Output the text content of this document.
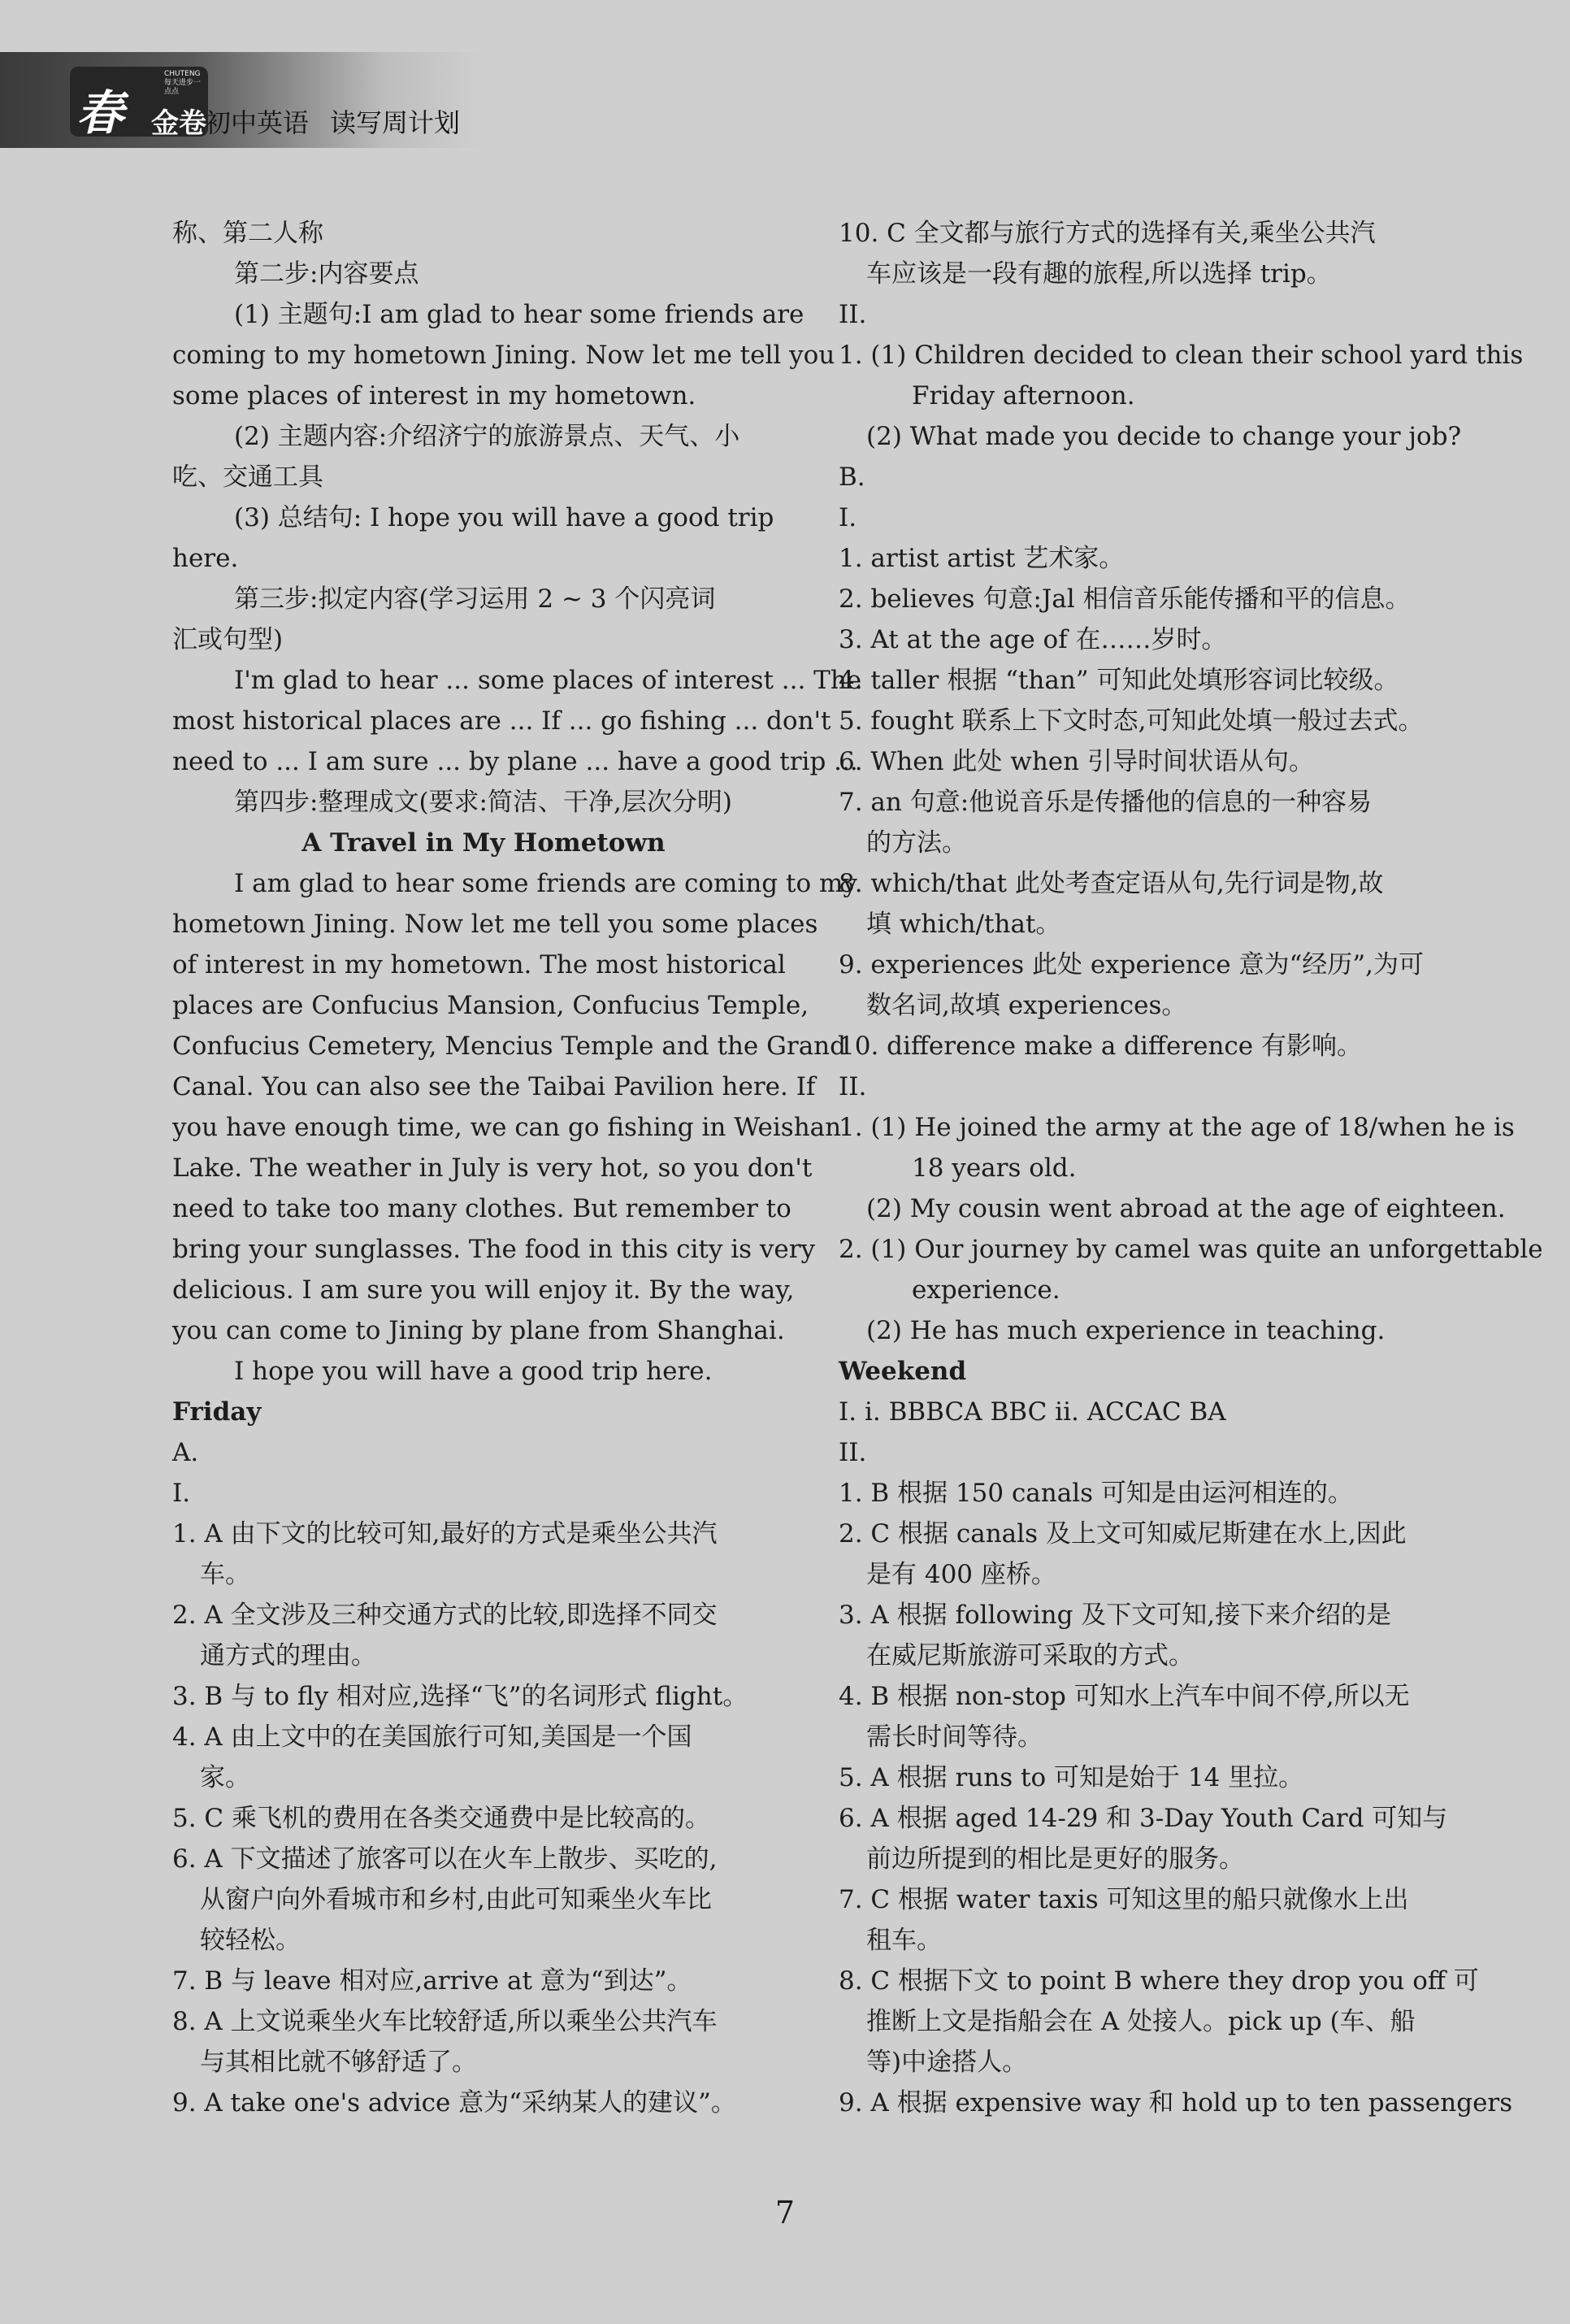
春
CHUTENG 每天进步一点点
金卷
初中英语 读写周计划

称、第二人称

第二步:内容要点

(1) 主题句:I am glad to hear some friends are

coming to my hometown Jining. Now let me tell you

some places of interest in my hometown.

(2) 主题内容:介绍济宁的旅游景点、天气、小

吃、交通工具

(3) 总结句: I hope you will have a good trip

here.

第三步:拟定内容(学习运用 2 ~ 3 个闪亮词

汇或句型)

I'm glad to hear ... some places of interest ... The

most historical places are ... If ... go fishing ... don't

need to ... I am sure ... by plane ... have a good trip ...

第四步:整理成文(要求:简洁、干净,层次分明)

A Travel in My Hometown

I am glad to hear some friends are coming to my

hometown Jining. Now let me tell you some places

of interest in my hometown. The most historical

places are Confucius Mansion, Confucius Temple,

Confucius Cemetery, Mencius Temple and the Grand

Canal. You can also see the Taibai Pavilion here. If

you have enough time, we can go fishing in Weishan

Lake. The weather in July is very hot, so you don't

need to take too many clothes. But remember to

bring your sunglasses. The food in this city is very

delicious. I am sure you will enjoy it. By the way,

you can come to Jining by plane from Shanghai.

I hope you will have a good trip here.

Friday

A.

I.

1. A 由下文的比较可知,最好的方式是乘坐公共汽

车。

2. A 全文涉及三种交通方式的比较,即选择不同交

通方式的理由。

3. B 与 to fly 相对应,选择“飞”的名词形式 flight。

4. A 由上文中的在美国旅行可知,美国是一个国

家。

5. C 乘飞机的费用在各类交通费中是比较高的。

6. A 下文描述了旅客可以在火车上散步、买吃的,

从窗户向外看城市和乡村,由此可知乘坐火车比

较轻松。

7. B 与 leave 相对应,arrive at 意为“到达”。

8. A 上文说乘坐火车比较舒适,所以乘坐公共汽车

与其相比就不够舒适了。

9. A take one's advice 意为“采纳某人的建议”。

10. C 全文都与旅行方式的选择有关,乘坐公共汽

车应该是一段有趣的旅程,所以选择 trip。

II.

1. (1) Children decided to clean their school yard this

Friday afternoon.

(2) What made you decide to change your job?

B.

I.

1. artist artist 艺术家。

2. believes 句意:Jal 相信音乐能传播和平的信息。

3. At at the age of 在……岁时。

4. taller 根据 “than” 可知此处填形容词比较级。

5. fought 联系上下文时态,可知此处填一般过去式。

6. When 此处 when 引导时间状语从句。

7. an 句意:他说音乐是传播他的信息的一种容易

的方法。

8. which/that 此处考查定语从句,先行词是物,故

填 which/that。

9. experiences 此处 experience 意为“经历”,为可

数名词,故填 experiences。

10. difference make a difference 有影响。

II.

1. (1) He joined the army at the age of 18/when he is

18 years old.

(2) My cousin went abroad at the age of eighteen.

2. (1) Our journey by camel was quite an unforgettable

experience.

(2) He has much experience in teaching.

Weekend

I. i. BBBCA BBC ii. ACCAC BA

II.

1. B 根据 150 canals 可知是由运河相连的。

2. C 根据 canals 及上文可知威尼斯建在水上,因此

是有 400 座桥。

3. A 根据 following 及下文可知,接下来介绍的是

在威尼斯旅游可采取的方式。

4. B 根据 non-stop 可知水上汽车中间不停,所以无

需长时间等待。

5. A 根据 runs to 可知是始于 14 里拉。

6. A 根据 aged 14-29 和 3-Day Youth Card 可知与

前边所提到的相比是更好的服务。

7. C 根据 water taxis 可知这里的船只就像水上出

租车。

8. C 根据下文 to point B where they drop you off 可

推断上文是指船会在 A 处接人。pick up (车、船

等)中途搭人。

9. A 根据 expensive way 和 hold up to ten passengers

7
